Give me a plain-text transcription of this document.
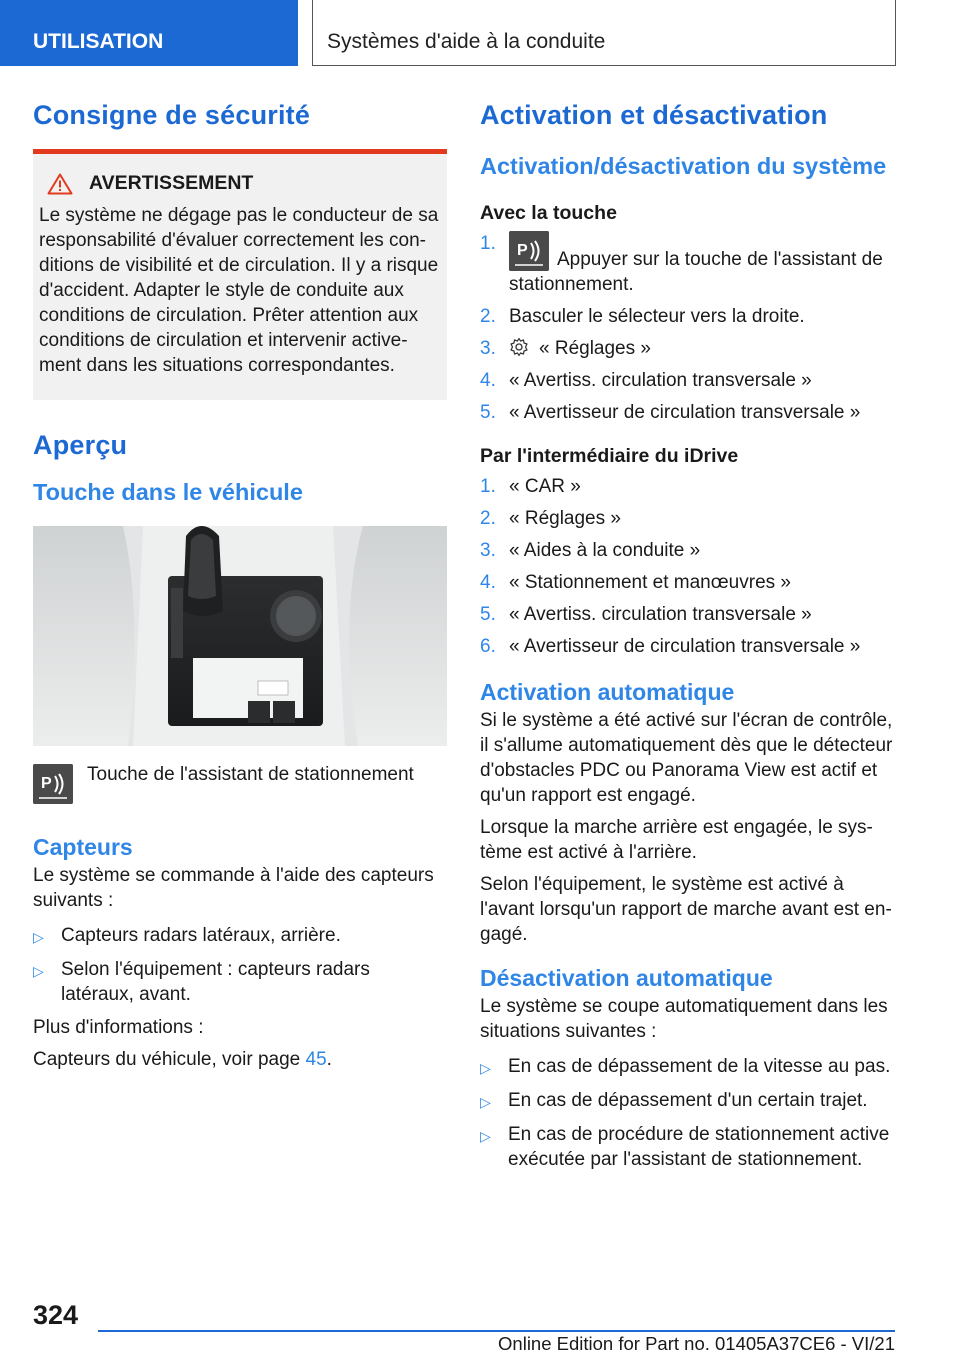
UTILISATION	Systèmes d'aide à la conduite
Consigne de sécurité
AVERTISSEMENT

Le système ne dégage pas le conducteur de sa responsabilité d'évaluer correctement les conditions de visibilité et de circulation. Il y a risque d'accident. Adapter le style de conduite aux conditions de circulation. Prêter attention aux conditions de circulation et intervenir activement dans les situations correspondantes.

Aperçu
Touche dans le véhicule
P Touche de l'assistant de stationnement

Capteurs

Le système se commande à l'aide des capteurs suivants :

▷ Capteurs radars latéraux, arrière.
▷ Selon l'équipement : capteurs radars latéraux, avant.

Plus d'informations :

Capteurs du véhicule, voir page 45.

Activation et désactivation
Activation/désactivation du système
Avec la touche
1.	P Appuyer sur la touche de l'assistant de stationnement.
2. Basculer le sélecteur vers la droite.
3.	« Réglages »
4. « Avertiss. circulation transversale »
5. « Avertisseur de circulation transversale »
Par l'intermédiaire du iDrive
1. « CAR »
2. « Réglages »
3. « Aides à la conduite »
4. « Stationnement et manœuvres »
5. « Avertiss. circulation transversale »
6. « Avertisseur de circulation transversale »
Activation automatique

Si le système a été activé sur l'écran de contrôle, il s'allume automatiquement dès que le détecteur d'obstacles PDC ou Panorama View est actif et qu'un rapport est engagé.

Lorsque la marche arrière est engagée, le système est activé à l'arrière.

Selon l'équipement, le système est activé à l'avant lorsqu'un rapport de marche avant est engagé.

Désactivation automatique

Le système se coupe automatiquement dans les situations suivantes :

▷ En cas de dépassement de la vitesse au pas.
▷ En cas de dépassement d'un certain trajet.
▷ En cas de procédure de stationnement active exécutée par l'assistant de stationnement.
324
Online Edition for Part no. 01405A37CE6 - VI/21
